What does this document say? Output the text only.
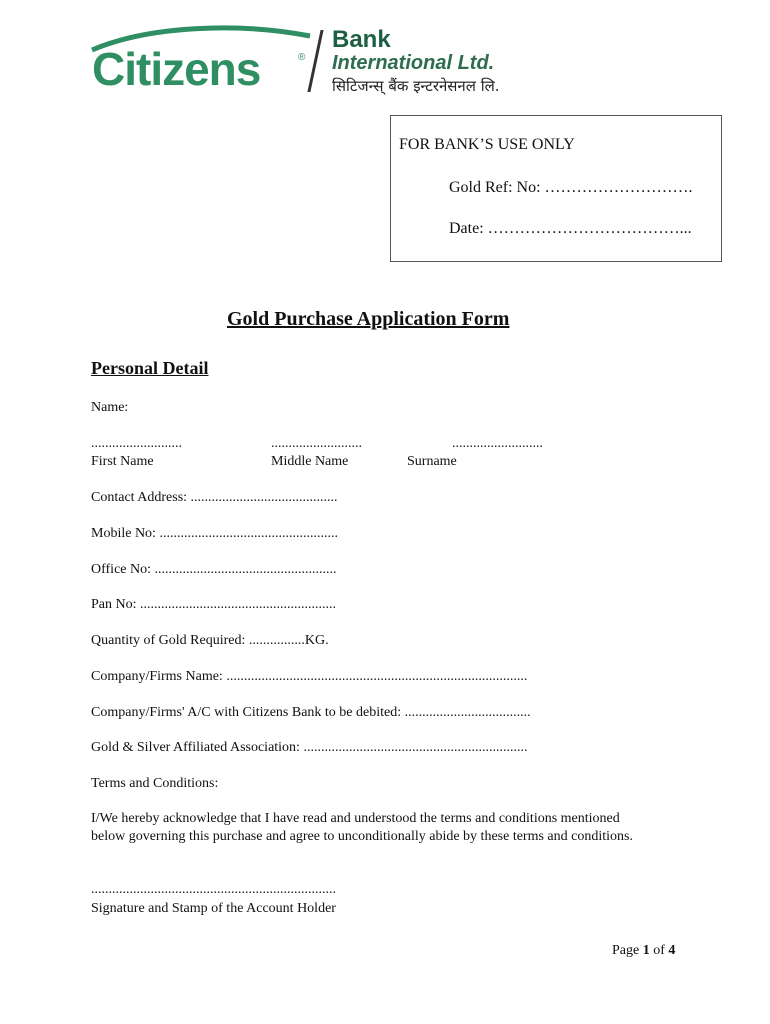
Citizens	®
Bank
International Ltd.
सिटिजन्स् बैंक इन्टरनेसनल लि.
FOR BANK’S USE ONLY
Gold Ref: No: ……………………….
Date: ………………………………...
Gold Purchase Application Form
Personal Detail
Name:
..........................	..........................	..........................
First Name	Middle Name	Surname
Contact Address: ..........................................
Mobile No: ...................................................
Office No: ....................................................
Pan No: ........................................................
Quantity of Gold Required: ................KG.
Company/Firms Name: ......................................................................................
Company/Firms' A/C with Citizens Bank to be debited: ....................................
Gold & Silver Affiliated Association: ................................................................
Terms and Conditions:
I/We hereby acknowledge that I have read and understood the terms and conditions mentioned
below governing this purchase and agree to unconditionally abide by these terms and conditions.
......................................................................
Signature and Stamp of the Account Holder
Page 1 of 4
